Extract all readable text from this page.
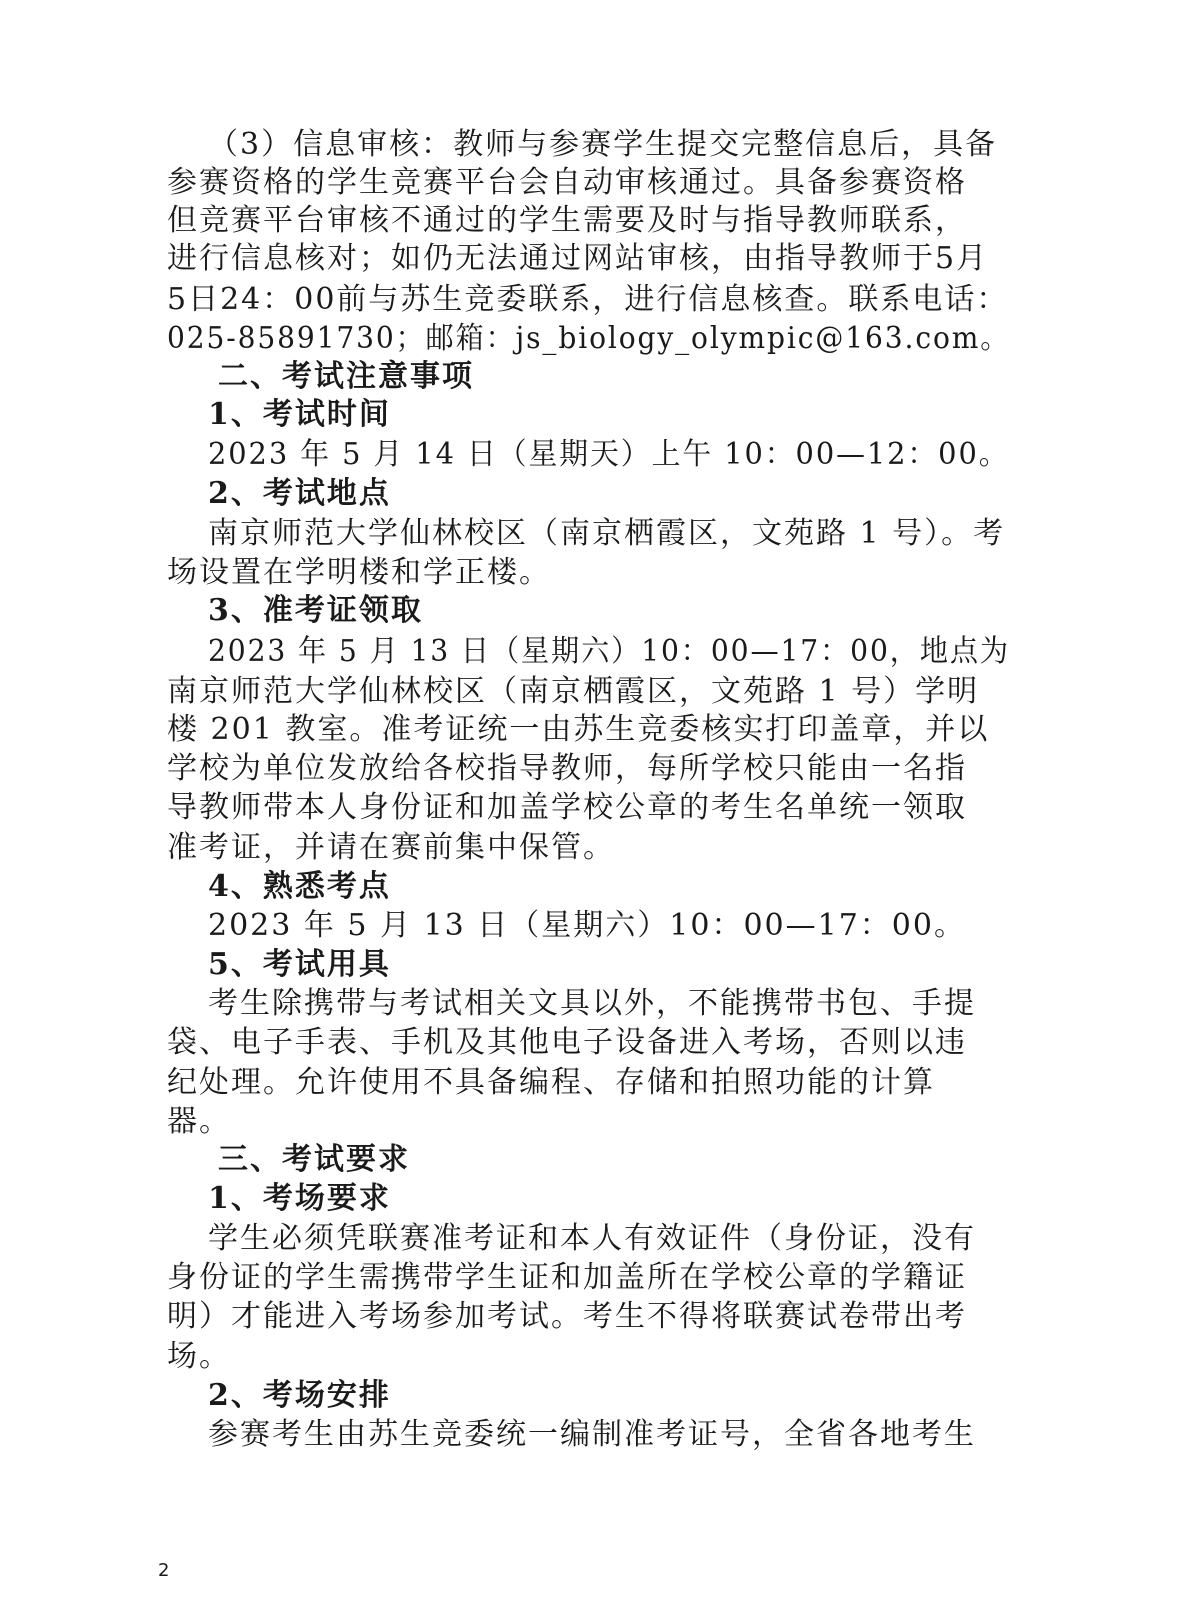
（3）信息审核：教师与参赛学生提交完整信息后，具备
参赛资格的学生竞赛平台会自动审核通过。具备参赛资格
但竞赛平台审核不通过的学生需要及时与指导教师联系，
进行信息核对；如仍无法通过网站审核，由指导教师于5月
5日24：00前与苏生竞委联系，进行信息核查。联系电话：
025-85891730；邮箱：js_biology_olympic@163.com。
二、考试注意事项
1、考试时间
2023 年 5 月 14 日（星期天）上午 10：00—12：00。
2、考试地点
南京师范大学仙林校区（南京栖霞区，文苑路 1 号）。考
场设置在学明楼和学正楼。
3、准考证领取
2023 年 5 月 13 日（星期六）10：00—17：00，地点为
南京师范大学仙林校区（南京栖霞区，文苑路 1 号）学明
楼 201 教室。准考证统一由苏生竞委核实打印盖章，并以
学校为单位发放给各校指导教师，每所学校只能由一名指
导教师带本人身份证和加盖学校公章的考生名单统一领取
准考证，并请在赛前集中保管。
4、熟悉考点
2023 年 5 月 13 日（星期六）10：00—17：00。
5、考试用具
考生除携带与考试相关文具以外，不能携带书包、手提
袋、电子手表、手机及其他电子设备进入考场，否则以违
纪处理。允许使用不具备编程、存储和拍照功能的计算
器。
三、考试要求
1、考场要求
学生必须凭联赛准考证和本人有效证件（身份证，没有
身份证的学生需携带学生证和加盖所在学校公章的学籍证
明）才能进入考场参加考试。考生不得将联赛试卷带出考
场。
2、考场安排
参赛考生由苏生竞委统一编制准考证号，全省各地考生
2
